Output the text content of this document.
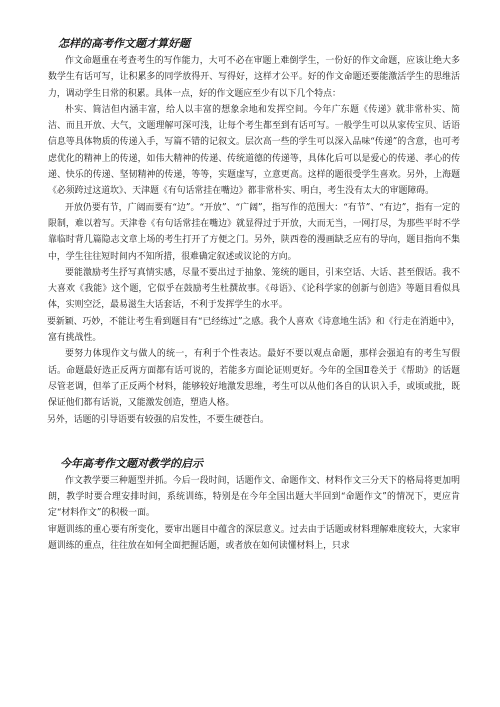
怎样的高考作文题才算好题

作文命题重在考查考生的写作能力，大可不必在审题上难倒学生，一份好的作文命题，应该让绝大多数学生有话可写，让积累多的同学放得开、写得好，这样才公平。好的作文命题还要能激活学生的思维活力，调动学生日常的积累。具体一点，好的作文题应至少有以下几个特点：

朴实、简洁但内涵丰富，给人以丰富的想象余地和发挥空间。今年广东题《传递》就非常朴实、简洁、而且开放、大气，文题理解可深可浅，让每个考生都至到有话可写。一般学生可以从家传宝贝、话语信息等具体物质的传递入手，写篇不错的记叙文。层次高一些的学生可以深入品味“传递”的含意，也可考虑优化的精神上的传递，如伟大精神的传递、传统道德的传递等，具体化后可以是爱心的传递、孝心的传递、快乐的传递、坚韧精神的传递，等等，实题虚写，立意更高。这样的题很受学生喜欢。另外，上海题《必须跨过这道坎》、天津题《有句话常挂在嘴边》都非常朴实、明白，考生没有太大的审题障碍。

开放仍要有节，广阔而要有“边”。“开放”、“广阔”，指写作的范围大：“有节”、“有边”，指有一定的限制，难以着写。天津卷《有句话常挂在嘴边》就显得过于开放，大而无当，一网打尽，为那些平时不学靠临时背几篇隐志文章上场的考生打开了方便之门。另外，陕西卷的漫画缺乏应有的导向，题目指向不集中，学生往往短时间内不知所措，很难确定叙述或议论的方向。

要能激励考生抒写真情实感，尽量不要出过于抽象、笼统的题目，引来空话、大话、甚至假话。我不大喜欢《我能》这个题，它似乎在鼓励考生杜撰故事。《母语》、《论科学家的创新与创造》等题目看似具体，实则空泛，最易滋生大话套话，不利于发挥学生的水平。

要新颖、巧妙，不能让考生看到题目有“已经练过”之感。我个人喜欢《诗意地生活》和《行走在消逝中》，富有挑战性。

要努力体现作文与做人的统一，有利于个性表达。最好不要以观点命题，那样会强迫有的考生写假话。命题最好选正反两方面都有话可说的，若能多方面论证则更好。今年的全国Ⅱ卷关于《帮助》的话题尽管老调，但举了正反两个材料，能够较好地激发思维，考生可以从他们各自的认识入手，或顷或批，既保证他们都有话说，又能激发创造，塑造人格。

另外，话题的引导语要有较强的启发性，不要生硬苍白。

今年高考作文题对教学的启示

作文教学要三种题型并抓。今后一段时间，话题作文、命题作文、材料作文三分天下的格局将更加明朗，教学时要合理安排时间，系统训练，特别是在今年全国出题大半回到“命题作文”的情况下，更应肯定“材料作文”的积极一面。

审题训练的重心要有所变化，要审出题目中蕴含的深层意义。过去由于话题或材料理解难度较大，大家审题训练的重点，往往放在如何全面把握话题，或者放在如何读懂材料上，只求
